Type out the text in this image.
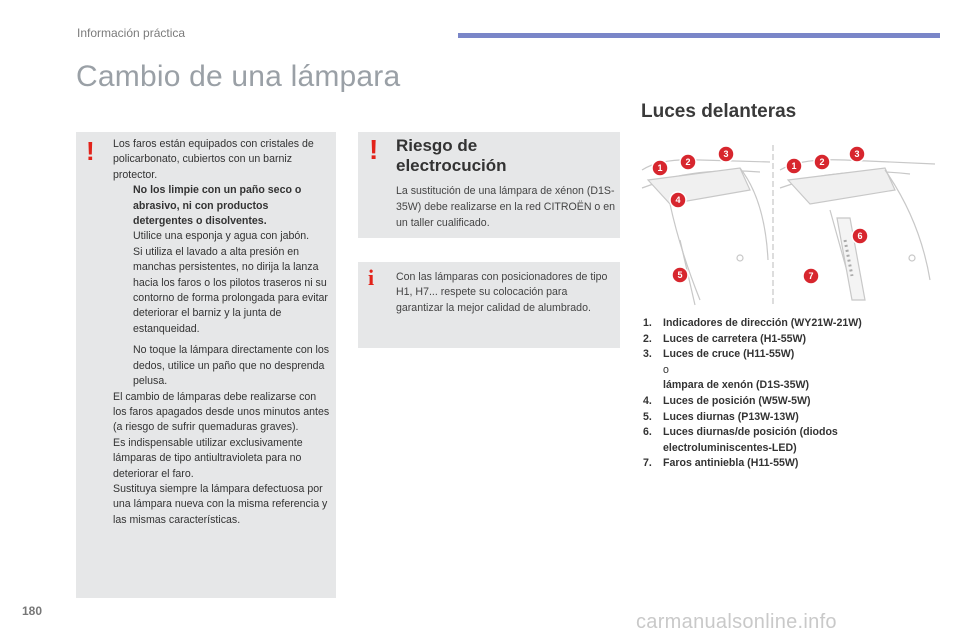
Información práctica
Cambio de una lámpara
! Los faros están equipados con cristales de policarbonato, cubiertos con un barniz protector.

No los limpie con un paño seco o abrasivo, ni con productos detergentes o disolventes.
Utilice una esponja y agua con jabón.
Si utiliza el lavado a alta presión en manchas persistentes, no dirija la lanza hacia los faros o los pilotos traseros ni su contorno de forma prolongada para evitar deteriorar el barniz y la junta de estanqueidad.
No toque la lámpara directamente con los dedos, utilice un paño que no desprenda pelusa.

El cambio de lámparas debe realizarse con los faros apagados desde unos minutos antes (a riesgo de sufrir quemaduras graves).

Es indispensable utilizar exclusivamente lámparas de tipo antiultravioleta para no deteriorar el faro.

Sustituya siempre la lámpara defectuosa por una lámpara nueva con la misma referencia y las mismas características.

! Riesgo de
electrocución
La sustitución de una lámpara de xénon (D1S-35W) debe realizarse en la red CITROËN o en un taller cualificado.
i Con las lámparas con posicionadores de tipo H1, H7... respete su colocación para garantizar la mejor calidad de alumbrado.
Luces delanteras
1
2
3
4
5
1	2
3
6
7
1.	Indicadores de dirección (WY21W-21W)
2.	Luces de carretera (H1-55W)
3.	Luces de cruce (H11-55W)
o
lámpara de xenón (D1S-35W)
4.	Luces de posición (W5W-5W)
5.	Luces diurnas (P13W-13W)
6.	Luces diurnas/de posición (diodos electroluminiscentes-LED)
7.	Faros antiniebla (H11-55W)
180	carmanualsonline.info
